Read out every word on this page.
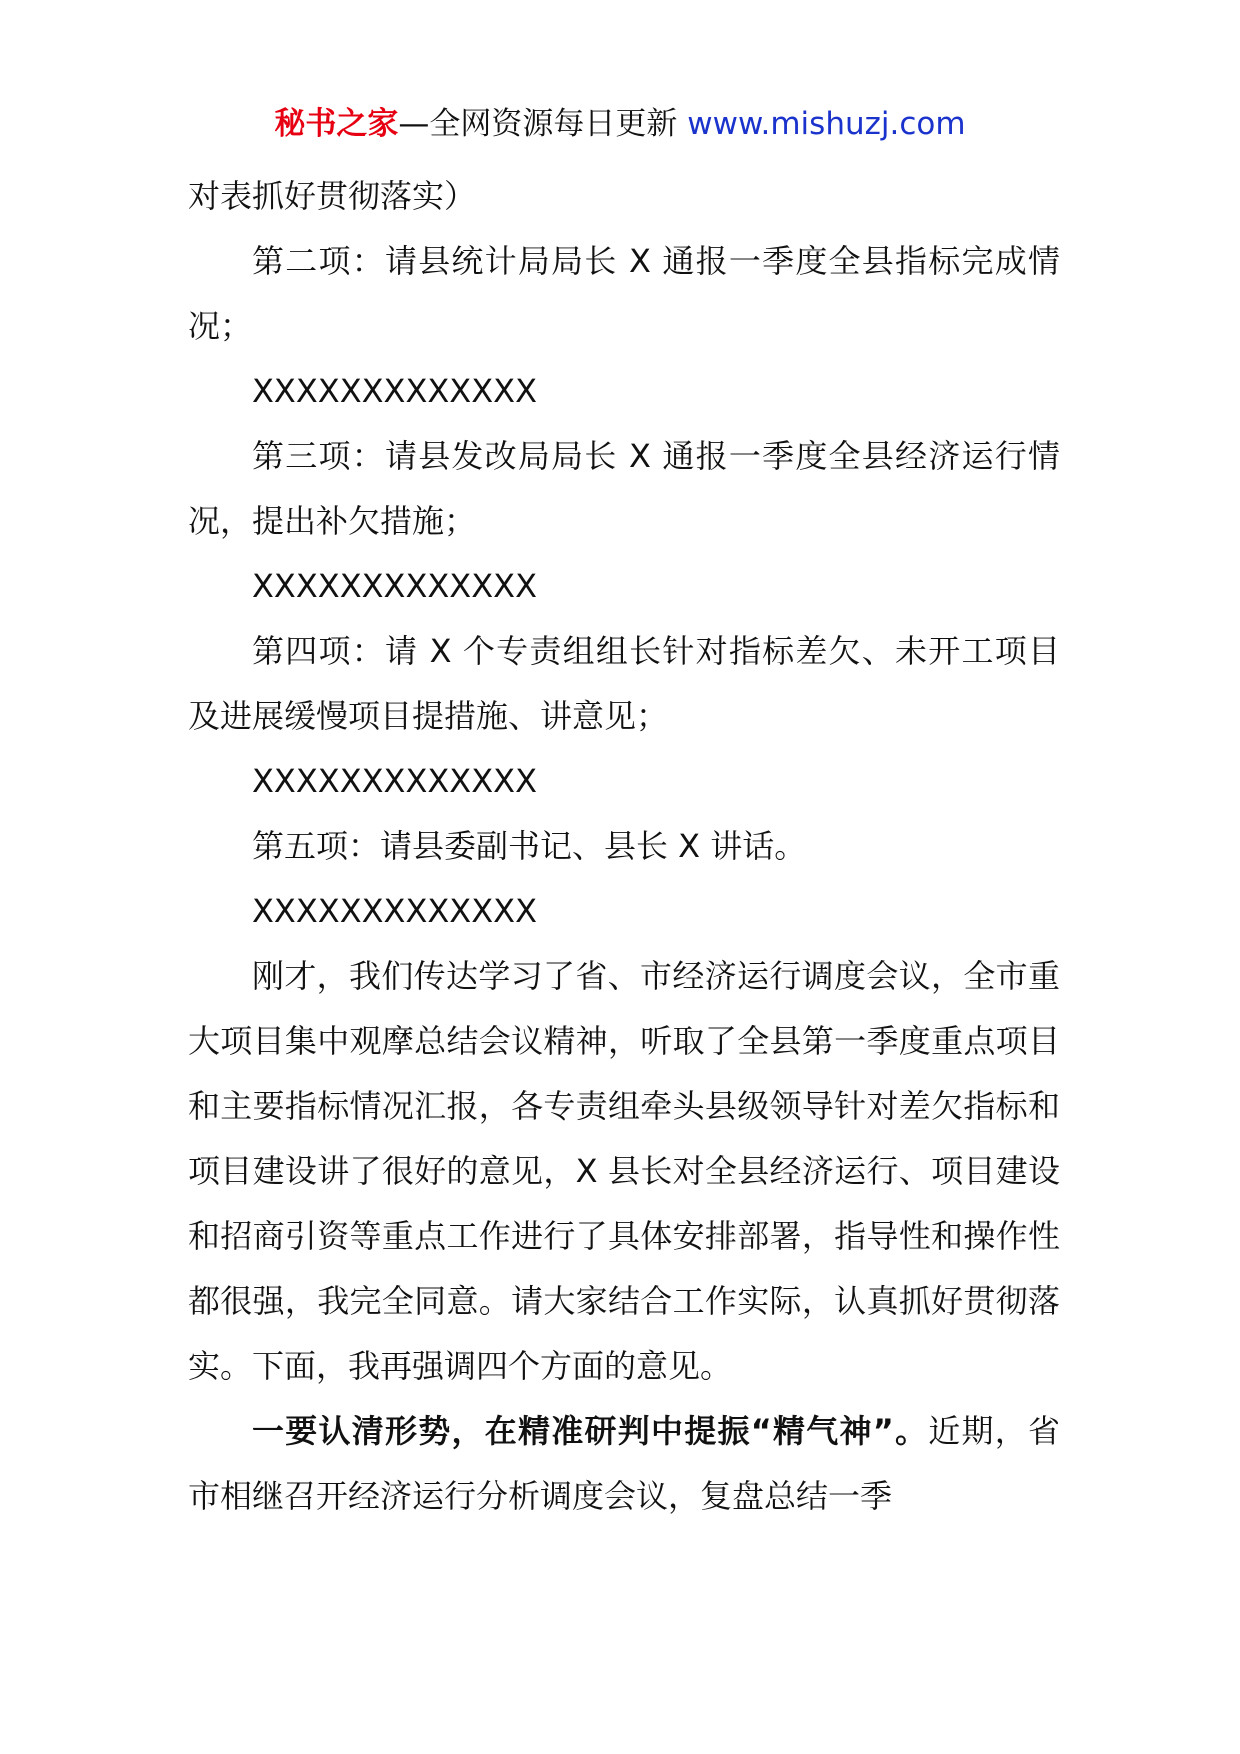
秘书之家—全网资源每日更新 www.mishuzj.com

对表抓好贯彻落实）

第二项：请县统计局局长 X 通报一季度全县指标完成情况；

XXXXXXXXXXXXX

第三项：请县发改局局长 X 通报一季度全县经济运行情况，提出补欠措施；

XXXXXXXXXXXXX

第四项：请 X 个专责组组长针对指标差欠、未开工项目及进展缓慢项目提措施、讲意见；

XXXXXXXXXXXXX

第五项：请县委副书记、县长 X 讲话。

XXXXXXXXXXXXX

刚才，我们传达学习了省、市经济运行调度会议，全市重大项目集中观摩总结会议精神，听取了全县第一季度重点项目和主要指标情况汇报，各专责组牵头县级领导针对差欠指标和项目建设讲了很好的意见，X 县长对全县经济运行、项目建设和招商引资等重点工作进行了具体安排部署，指导性和操作性都很强，我完全同意。请大家结合工作实际，认真抓好贯彻落实。下面，我再强调四个方面的意见。

一要认清形势，在精准研判中提振“精气神”。近期，省市相继召开经济运行分析调度会议，复盘总结一季
